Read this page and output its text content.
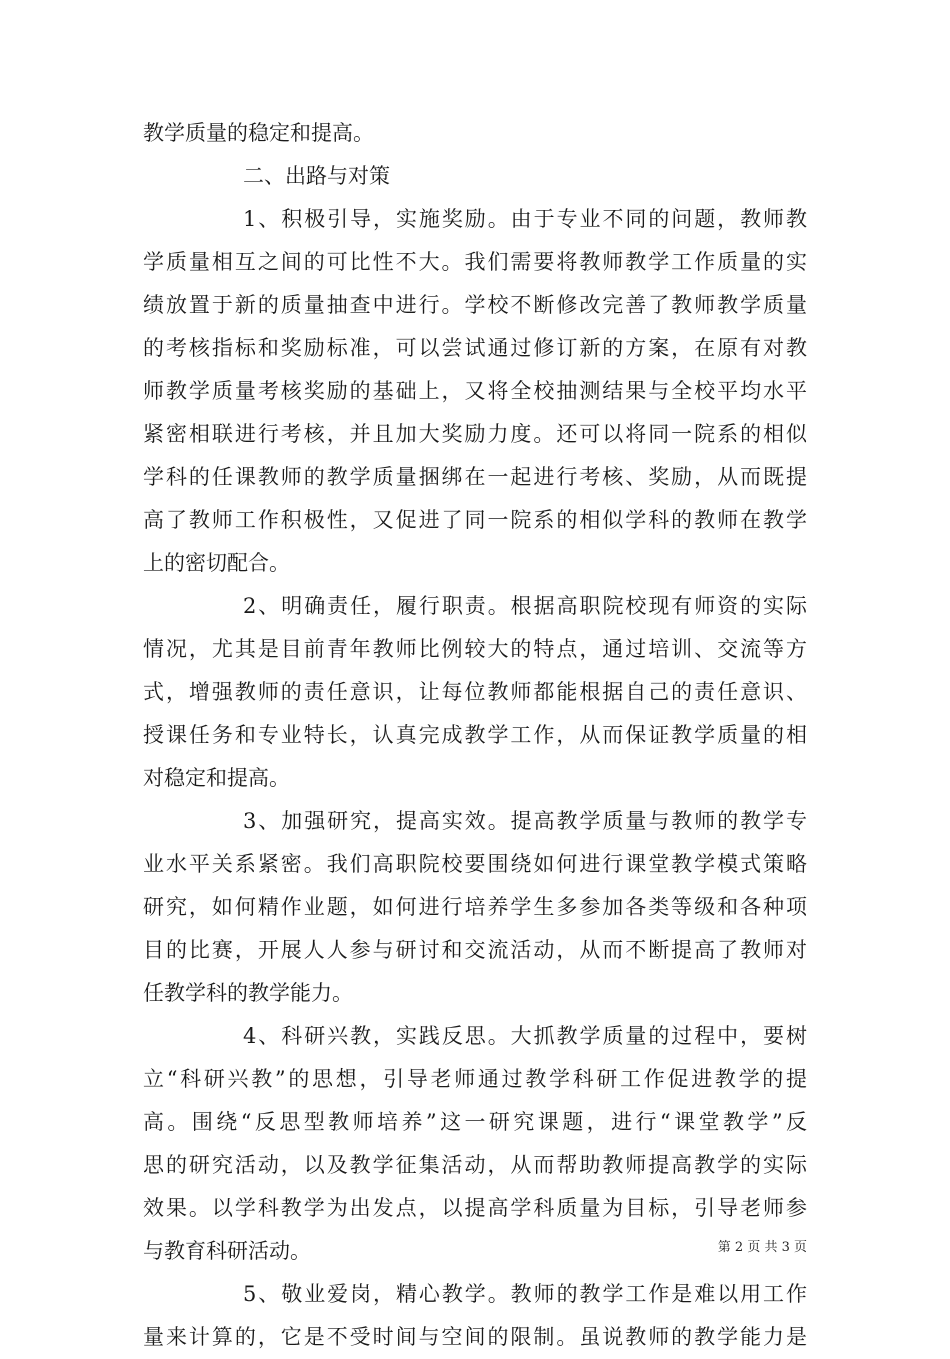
教学质量的稳定和提高。
二、出路与对策
1、积极引导，实施奖励。由于专业不同的问题，教师教
学质量相互之间的可比性不大。我们需要将教师教学工作质量的实
绩放置于新的质量抽查中进行。学校不断修改完善了教师教学质量
的考核指标和奖励标准，可以尝试通过修订新的方案，在原有对教
师教学质量考核奖励的基础上，又将全校抽测结果与全校平均水平
紧密相联进行考核，并且加大奖励力度。还可以将同一院系的相似
学科的任课教师的教学质量捆绑在一起进行考核、奖励，从而既提
高了教师工作积极性，又促进了同一院系的相似学科的教师在教学
上的密切配合。
2、明确责任，履行职责。根据高职院校现有师资的实际
情况，尤其是目前青年教师比例较大的特点，通过培训、交流等方
式，增强教师的责任意识，让每位教师都能根据自己的责任意识、
授课任务和专业特长，认真完成教学工作，从而保证教学质量的相
对稳定和提高。
3、加强研究，提高实效。提高教学质量与教师的教学专
业水平关系紧密。我们高职院校要围绕如何进行课堂教学模式策略
研究，如何精作业题，如何进行培养学生多参加各类等级和各种项
目的比赛，开展人人参与研讨和交流活动，从而不断提高了教师对
任教学科的教学能力。
4、科研兴教，实践反思。大抓教学质量的过程中，要树
立“科研兴教”的思想，引导老师通过教学科研工作促进教学的提
高。围绕“反思型教师培养”这一研究课题，进行“课堂教学”反
思的研究活动，以及教学征集活动，从而帮助教师提高教学的实际
效果。以学科教学为出发点，以提高学科质量为目标，引导老师参
与教育科研活动。
5、敬业爱岗，精心教学。教师的教学工作是难以用工作
量来计算的，它是不受时间与空间的限制。虽说教师的教学能力是
第 2 页 共 3 页
